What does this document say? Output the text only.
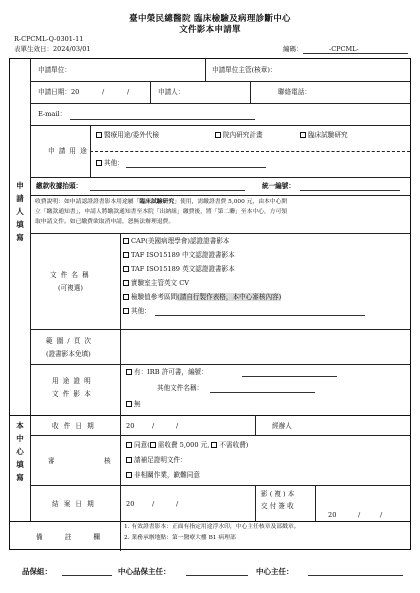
臺中榮民總醫院 臨床檢驗及病理診斷中心
文件影本申請單
R-CPCML-Q-0301-11
表單生效日：2024/03/01	編碼：	-CPCML-
申
請
人
填
寫
申請單位：	申請單位主管(核章)：
申請日期：20	/	/	申請人：	聯絡電話：
E-mail：
申 請 用 途
醫療用途/委外代檢	院內研究計畫	臨床試驗研究
其他：
繳款收據抬頭：	統一編號：
收費說明：如申請認證證書影本用途屬「臨床試驗研究」使用，需繳證書費 5,000 元，由本中心開
立「繳款通知書」，申請人將繳款通知書至本院「出納組」繳費後，將「第二聯」至本中心，方可領
取申請文件。如已繳費欲取消申請，恕無法辦理退費。
文 件 名 稱
(可複選)
CAP(美國病理學會)認證證書影本
TAF ISO15189 中文認證證書影本
TAF ISO15189 英文認證證書影本
實驗室主管英文 CV
檢驗值參考區間(請自行製作表格，本中心審核內容)
其他：
範 圍 / 頁 次
(證書影本免填)
用 途 證 明
文 件 影 本
有：IRB 許可書，編號：
其他文件名稱：
無
本
中
心
填
寫
收 件 日 期	20	/	/	經辦人
審	核
同意( 需收費 5,000 元, 不需收費)
請補足證明文件：
非相關作業，歉難同意
結 案 日 期	20	/	/
影 ( 複 ) 本
交 付 簽 收
20	/	/
備 註 欄
1. 有效證書影本：正面有指定用途浮水印，中心主任核章及部戳章。
2. 業務承辦地點：第一醫療大樓 B1 病理部
品保組：	中心品保主任：	中心主任：
